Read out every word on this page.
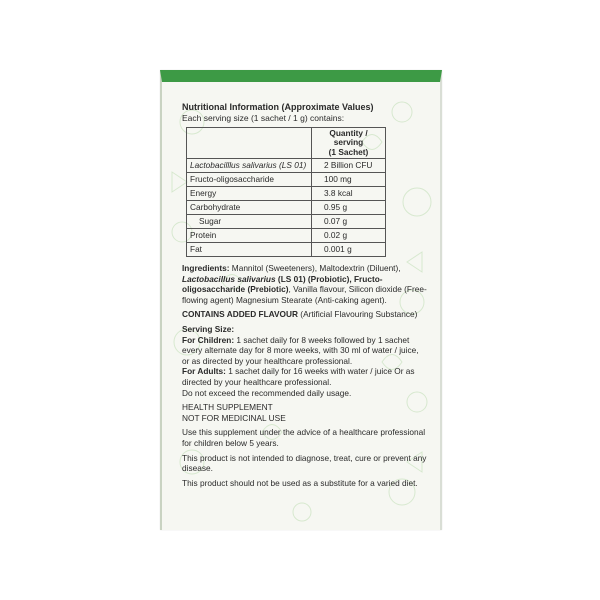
Nutritional Information (Approximate Values)
Each serving size (1 sachet / 1 g) contains:
	Quantity / serving
(1 Sachet)
Lactobacilllus salivarius (LS 01)	2 Billion CFU
Fructo-oligosaccharide	100 mg
Energy	3.8 kcal
Carbohydrate	0.95 g
Sugar	0.07 g
Protein	0.02 g
Fat	0.001 g

Ingredients: Mannitol (Sweeteners), Maltodextrin (Diluent), Lactobacillus salivarius (LS 01) (Probiotic), Fructo-oligosaccharide (Prebiotic), Vanilla flavour, Silicon dioxide (Free-flowing agent) Magnesium Stearate (Anti-caking agent).

CONTAINS ADDED FLAVOUR (Artificial Flavouring Substance)

Serving Size:
For Children: 1 sachet daily for 8 weeks followed by 1 sachet every alternate day for 8 more weeks, with 30 ml of water / juice, or as directed by your healthcare professional.
For Adults: 1 sachet daily for 16 weeks with water / juice Or as directed by your healthcare professional.

Do not exceed the recommended daily usage.

HEALTH SUPPLEMENT

NOT FOR MEDICINAL USE

Use this supplement under the advice of a healthcare professional for children below 5 years.

This product is not intended to diagnose, treat, cure or prevent any disease.

This product should not be used as a substitute for a varied diet.
